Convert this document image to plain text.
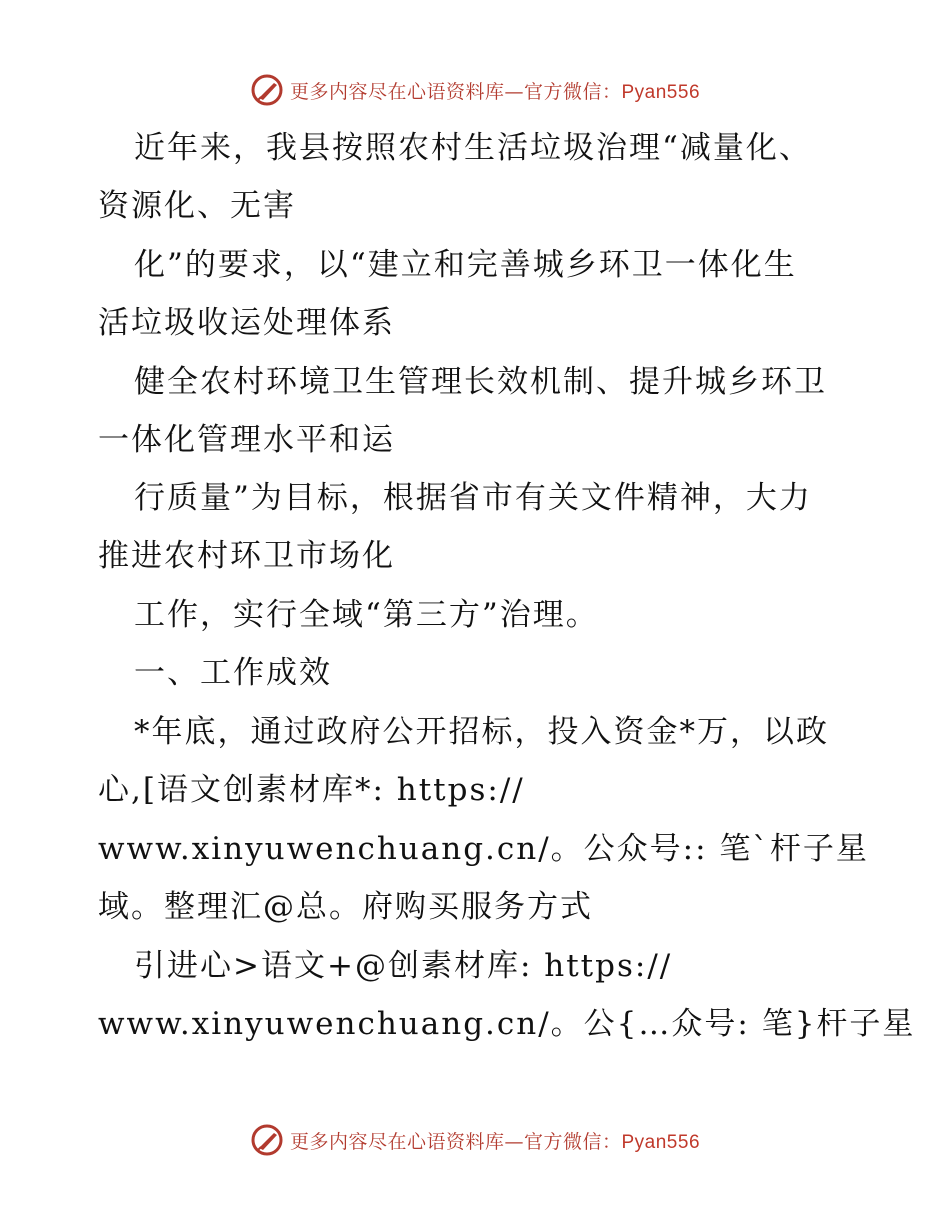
更多内容尽在心语资料库—官方微信：Pyan556
近年来，我县按照农村生活垃圾治理“减量化、
资源化、无害
化”的要求，以“建立和完善城乡环卫一体化生
活垃圾收运处理体系
健全农村环境卫生管理长效机制、提升城乡环卫
一体化管理水平和运
行质量”为目标，根据省市有关文件精神，大力
推进农村环卫市场化
工作，实行全域“第三方”治理。
一、工作成效
*年底，通过政府公开招标，投入资金*万，以政
心,[语文创素材库*: https://
www.xinyuwenchuang.cn/。公众号:: 笔`杆子星
域。整理汇@总。府购买服务方式
引进心>语文+@创素材库: https://
www.xinyuwenchuang.cn/。公{…众号: 笔}杆子星
更多内容尽在心语资料库—官方微信：Pyan556
